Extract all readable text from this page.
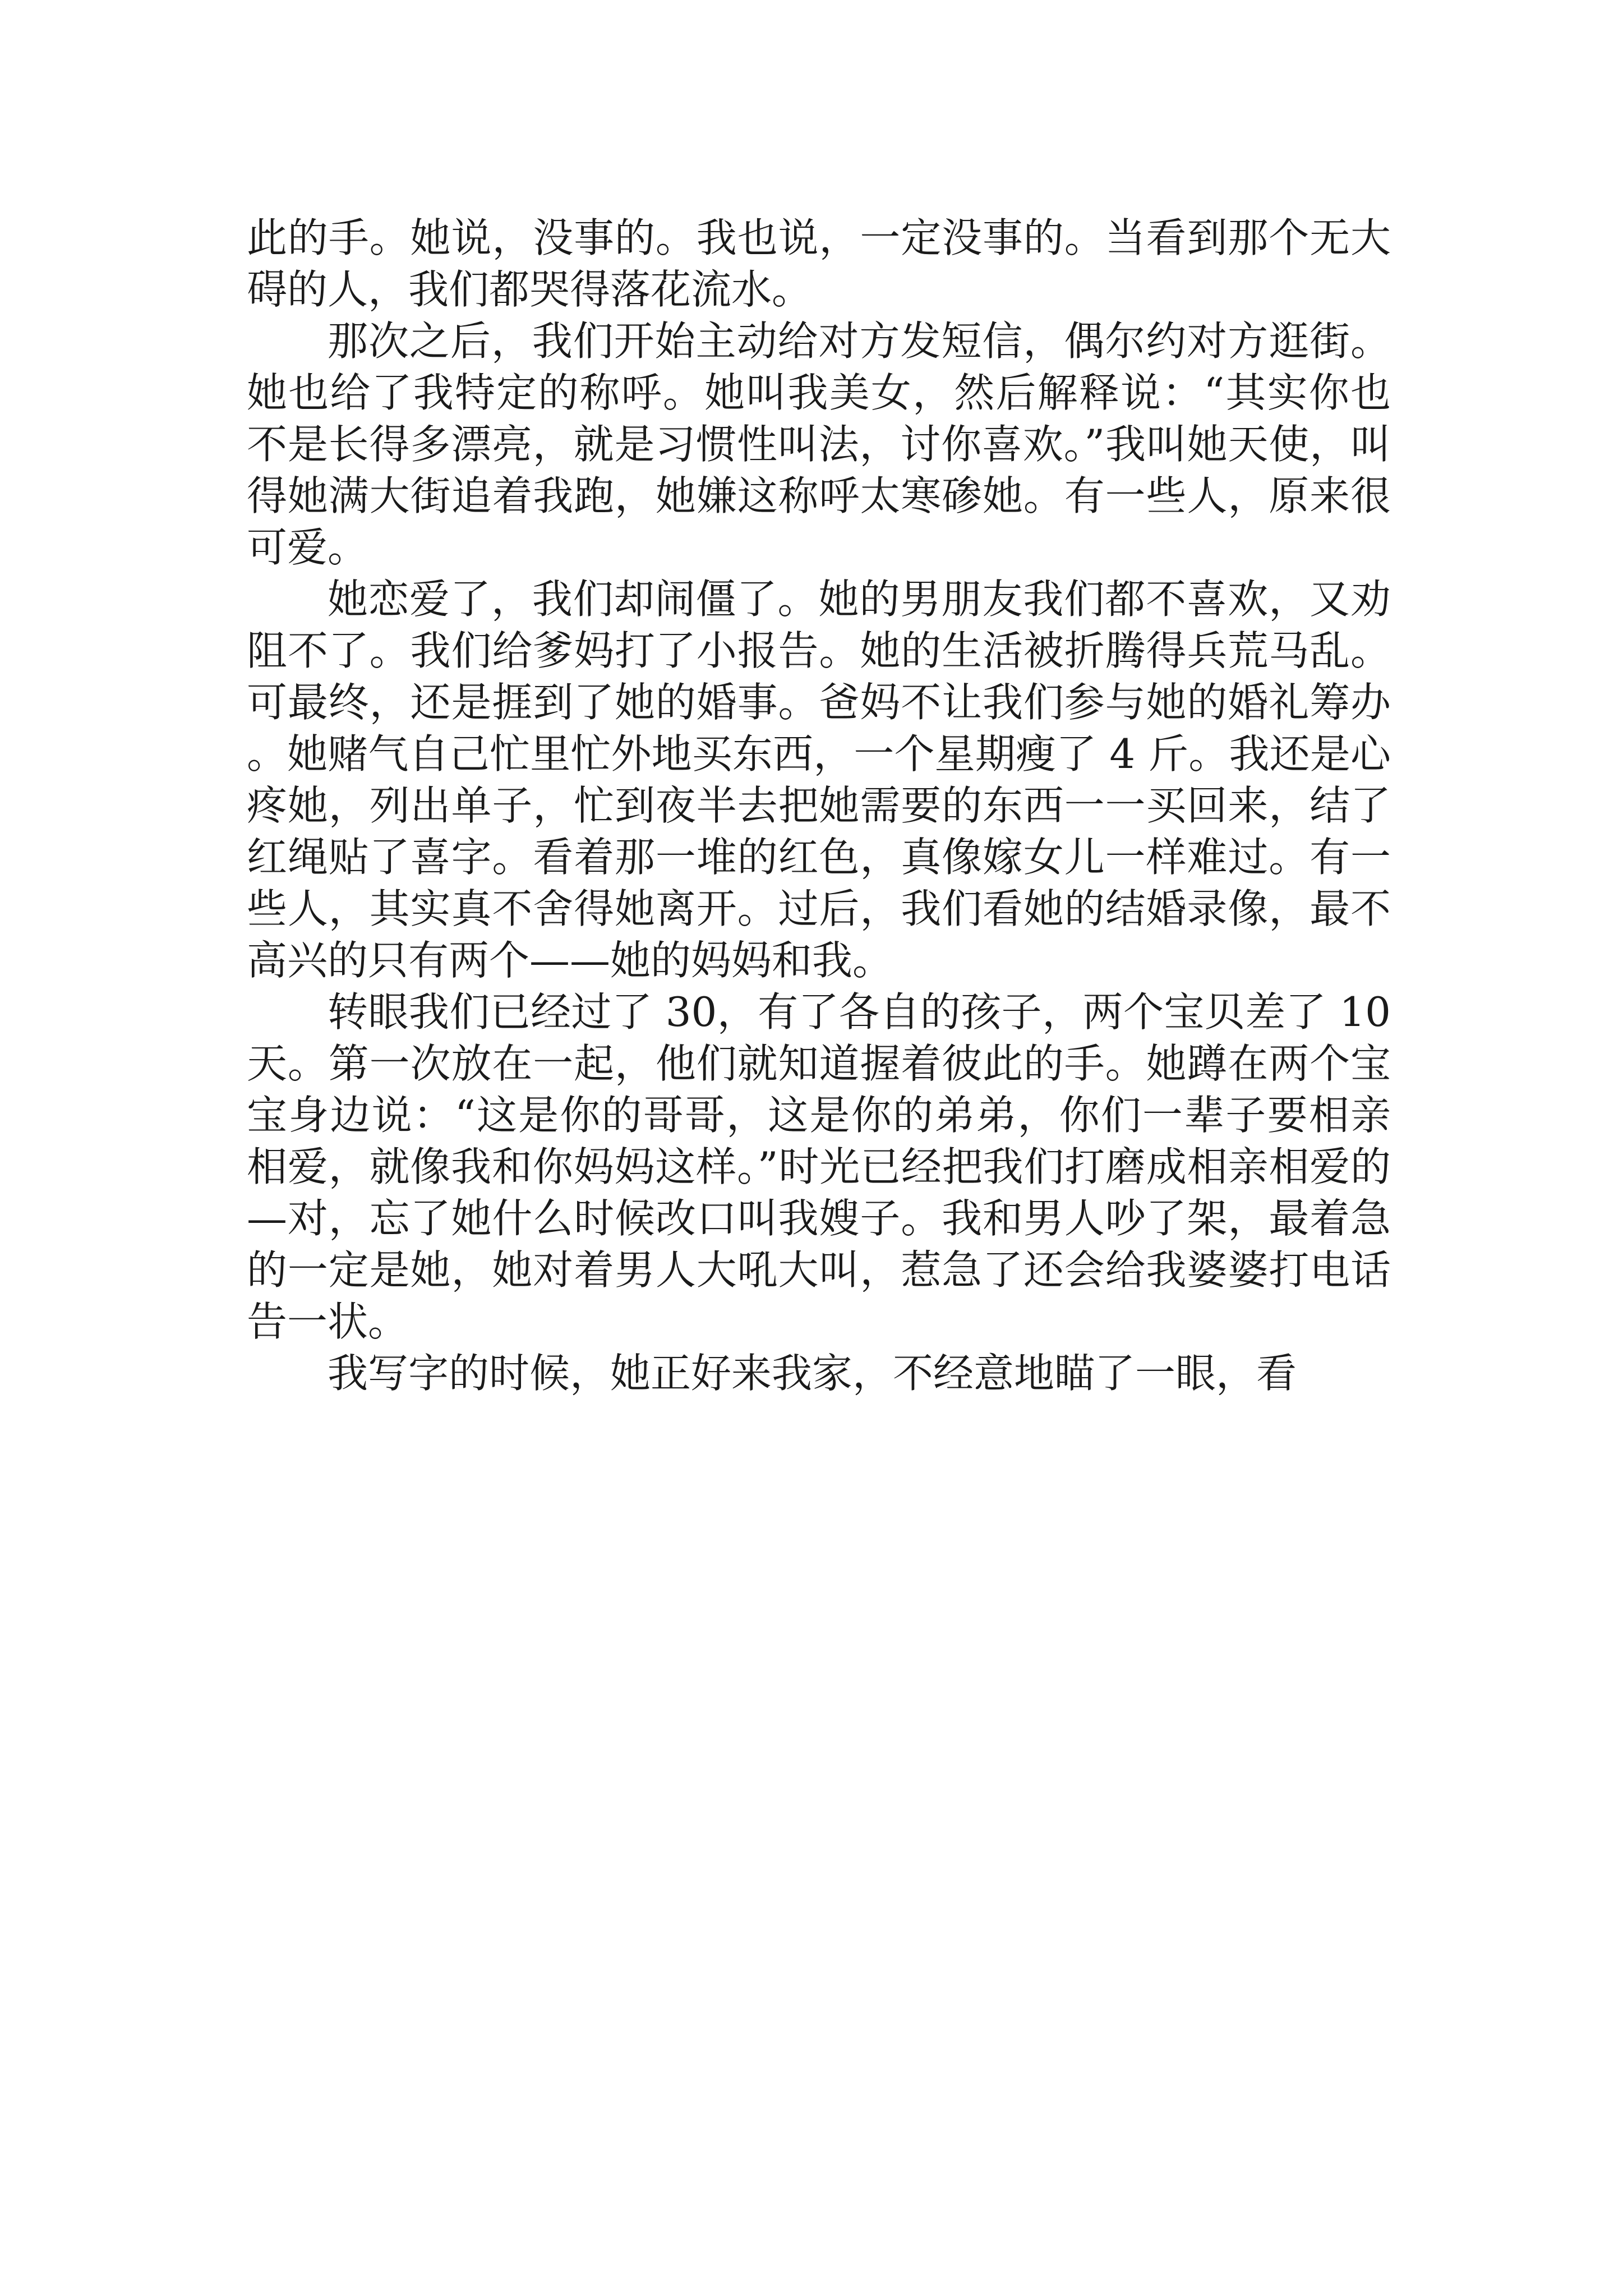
此的手。她说，没事的。我也说，一定没事的。当看到那个无大碍的人，我们都哭得落花流水。

那次之后，我们开始主动给对方发短信，偶尔约对方逛街。她也给了我特定的称呼。她叫我美女，然后解释说：“其实你也不是长得多漂亮，就是习惯性叫法，讨你喜欢。”我叫她天使，叫得她满大街追着我跑，她嫌这称呼太寒碜她。有一些人，原来很可爱。

她恋爱了，我们却闹僵了。她的男朋友我们都不喜欢，又劝阻不了。我们给爹妈打了小报告。她的生活被折腾得兵荒马乱。可最终，还是捱到了她的婚事。爸妈不让我们参与她的婚礼筹办。她赌气自己忙里忙外地买东西，一个星期瘦了 4 斤。我还是心疼她，列出单子，忙到夜半去把她需要的东西一一买回来，结了红绳贴了喜字。看着那一堆的红色，真像嫁女儿一样难过。有一些人，其实真不舍得她离开。过后，我们看她的结婚录像，最不高兴的只有两个——她的妈妈和我。

转眼我们已经过了 30，有了各自的孩子，两个宝贝差了 10 天。第一次放在一起，他们就知道握着彼此的手。她蹲在两个宝宝身边说：“这是你的哥哥，这是你的弟弟，你们一辈子要相亲相爱，就像我和你妈妈这样。”时光已经把我们打磨成相亲相爱的—对，忘了她什么时候改口叫我嫂子。我和男人吵了架，最着急的一定是她，她对着男人大吼大叫，惹急了还会给我婆婆打电话告一状。

我写字的时候，她正好来我家，不经意地瞄了一眼，看
